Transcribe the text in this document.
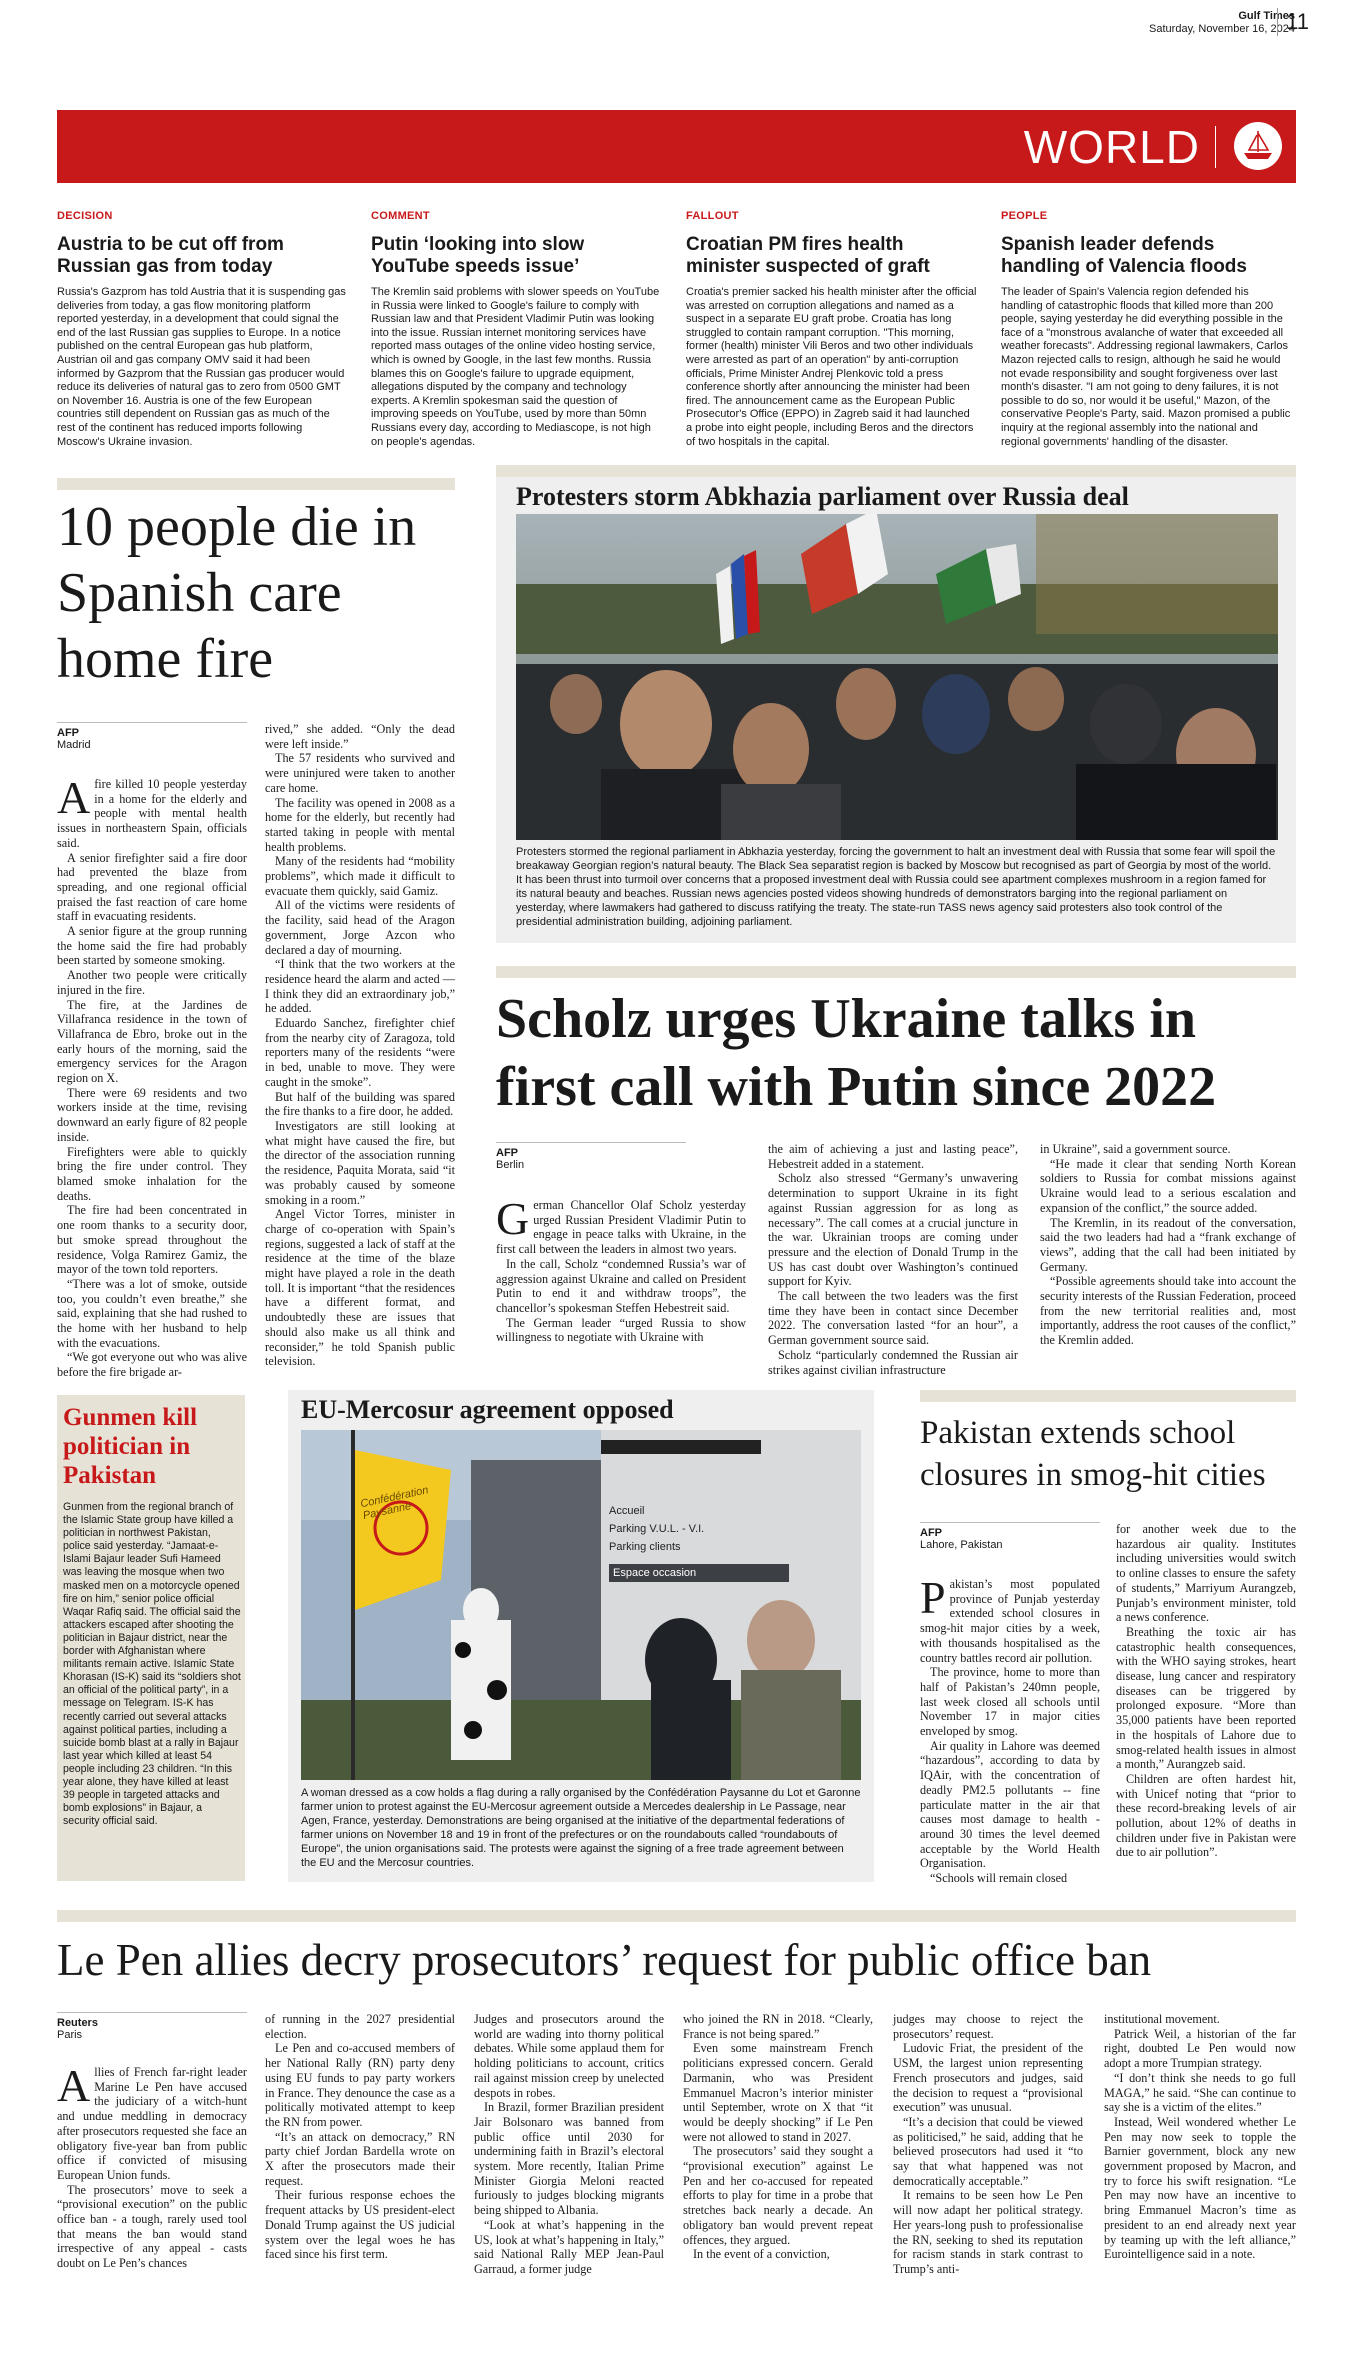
Gulf Times
Saturday, November 16, 2024
11
WORLD
DECISION
Austria to be cut off from Russian gas from today
Russia's Gazprom has told Austria that it is suspending gas deliveries from today, a gas flow monitoring platform reported yesterday, in a development that could signal the end of the last Russian gas supplies to Europe. In a notice published on the central European gas hub platform, Austrian oil and gas company OMV said it had been informed by Gazprom that the Russian gas producer would reduce its deliveries of natural gas to zero from 0500 GMT on November 16. Austria is one of the few European countries still dependent on Russian gas as much of the rest of the continent has reduced imports following Moscow's Ukraine invasion.
COMMENT
Putin ‘looking into slow YouTube speeds issue’
The Kremlin said problems with slower speeds on YouTube in Russia were linked to Google's failure to comply with Russian law and that President Vladimir Putin was looking into the issue. Russian internet monitoring services have reported mass outages of the online video hosting service, which is owned by Google, in the last few months. Russia blames this on Google's failure to upgrade equipment, allegations disputed by the company and technology experts. A Kremlin spokesman said the question of improving speeds on YouTube, used by more than 50mn Russians every day, according to Mediascope, is not high on people's agendas.
FALLOUT
Croatian PM fires health minister suspected of graft
Croatia's premier sacked his health minister after the official was arrested on corruption allegations and named as a suspect in a separate EU graft probe. Croatia has long struggled to contain rampant corruption. "This morning, former (health) minister Vili Beros and two other individuals were arrested as part of an operation" by anti-corruption officials, Prime Minister Andrej Plenkovic told a press conference shortly after announcing the minister had been fired. The announcement came as the European Public Prosecutor's Office (EPPO) in Zagreb said it had launched a probe into eight people, including Beros and the directors of two hospitals in the capital.
PEOPLE
Spanish leader defends handling of Valencia floods
The leader of Spain's Valencia region defended his handling of catastrophic floods that killed more than 200 people, saying yesterday he did everything possible in the face of a "monstrous avalanche of water that exceeded all weather forecasts". Addressing regional lawmakers, Carlos Mazon rejected calls to resign, although he said he would not evade responsibility and sought forgiveness over last month's disaster. "I am not going to deny failures, it is not possible to do so, nor would it be useful," Mazon, of the conservative People's Party, said. Mazon promised a public inquiry at the regional assembly into the national and regional governments' handling of the disaster.
10 people die in Spanish care home fire
AFP
Madrid

A fire killed 10 people yesterday in a home for the elderly and people with mental health issues in northeastern Spain, officials said.

A senior firefighter said a fire door had prevented the blaze from spreading, and one regional official praised the fast reaction of care home staff in evacuating residents.

A senior figure at the group running the home said the fire had probably been started by someone smoking.

Another two people were critically injured in the fire.

The fire, at the Jardines de Villafranca residence in the town of Villafranca de Ebro, broke out in the early hours of the morning, said the emergency services for the Aragon region on X.

There were 69 residents and two workers inside at the time, revising downward an early figure of 82 people inside.

Firefighters were able to quickly bring the fire under control. They blamed smoke inhalation for the deaths.

The fire had been concentrated in one room thanks to a security door, but smoke spread throughout the residence, Volga Ramirez Gamiz, the mayor of the town told reporters.

“There was a lot of smoke, outside too, you couldn’t even breathe,” she said, explaining that she had rushed to the home with her husband to help with the evacuations.

“We got everyone out who was alive before the fire brigade ar-

rived,” she added. “Only the dead were left inside.”

The 57 residents who survived and were uninjured were taken to another care home.

The facility was opened in 2008 as a home for the elderly, but recently had started taking in people with mental health problems.

Many of the residents had “mobility problems”, which made it difficult to evacuate them quickly, said Gamiz.

All of the victims were residents of the facility, said head of the Aragon government, Jorge Azcon who declared a day of mourning.

“I think that the two workers at the residence heard the alarm and acted — I think they did an extraordinary job,” he added.

Eduardo Sanchez, firefighter chief from the nearby city of Zaragoza, told reporters many of the residents “were in bed, unable to move. They were caught in the smoke”.

But half of the building was spared the fire thanks to a fire door, he added.

Investigators are still looking at what might have caused the fire, but the director of the association running the residence, Paquita Morata, said “it was probably caused by someone smoking in a room.”

Angel Victor Torres, minister in charge of co-operation with Spain’s regions, suggested a lack of staff at the residence at the time of the blaze might have played a role in the death toll. It is important “that the residences have a different format, and undoubtedly these are issues that should also make us all think and reconsider,” he told Spanish public television.

Protesters storm Abkhazia parliament over Russia deal
Protesters stormed the regional parliament in Abkhazia yesterday, forcing the government to halt an investment deal with Russia that some fear will spoil the breakaway Georgian region’s natural beauty. The Black Sea separatist region is backed by Moscow but recognised as part of Georgia by most of the world. It has been thrust into turmoil over concerns that a proposed investment deal with Russia could see apartment complexes mushroom in a region famed for its natural beauty and beaches. Russian news agencies posted videos showing hundreds of demonstrators barging into the regional parliament on yesterday, where lawmakers had gathered to discuss ratifying the treaty. The state-run TASS news agency said protesters also took control of the presidential administration building, adjoining parliament.
Scholz urges Ukraine talks in first call with Putin since 2022
AFP
Berlin

German Chancellor Olaf Scholz yesterday urged Russian President Vladimir Putin to engage in peace talks with Ukraine, in the first call between the leaders in almost two years.

In the call, Scholz “condemned Russia’s war of aggression against Ukraine and called on President Putin to end it and withdraw troops”, the chancellor’s spokesman Steffen Hebestreit said.

The German leader “urged Russia to show willingness to negotiate with Ukraine with

the aim of achieving a just and lasting peace”, Hebestreit added in a statement.

Scholz also stressed “Germany’s unwavering determination to support Ukraine in its fight against Russian aggression for as long as necessary”. The call comes at a crucial juncture in the war. Ukrainian troops are coming under pressure and the election of Donald Trump in the US has cast doubt over Washington’s continued support for Kyiv.

The call between the two leaders was the first time they have been in contact since December 2022. The conversation lasted “for an hour”, a German government source said.

Scholz “particularly condemned the Russian air strikes against civilian infrastructure

in Ukraine”, said a government source.

“He made it clear that sending North Korean soldiers to Russia for combat missions against Ukraine would lead to a serious escalation and expansion of the conflict,” the source added.

The Kremlin, in its readout of the conversation, said the two leaders had had a “frank exchange of views”, adding that the call had been initiated by Germany.

“Possible agreements should take into account the security interests of the Russian Federation, proceed from the new territorial realities and, most importantly, address the root causes of the conflict,” the Kremlin added.

Gunmen kill politician in Pakistan
Gunmen from the regional branch of the Islamic State group have killed a politician in northwest Pakistan, police said yesterday. “Jamaat-e-Islami Bajaur leader Sufi Hameed was leaving the mosque when two masked men on a motorcycle opened fire on him,” senior police official Waqar Rafiq said. The official said the attackers escaped after shooting the politician in Bajaur district, near the border with Afghanistan where militants remain active. Islamic State Khorasan (IS-K) said its “soldiers shot an official of the political party”, in a message on Telegram. IS-K has recently carried out several attacks against political parties, including a suicide bomb blast at a rally in Bajaur last year which killed at least 54 people including 23 children. “In this year alone, they have killed at least 39 people in targeted attacks and bomb explosions” in Bajaur, a security official said.
EU-Mercosur agreement opposed
Confédération Paysanne	Accueil
Parking V.U.L. - V.I.
Parking clients
Espace occasion
A woman dressed as a cow holds a flag during a rally organised by the Confédération Paysanne du Lot et Garonne farmer union to protest against the EU-Mercosur agreement outside a Mercedes dealership in Le Passage, near Agen, France, yesterday. Demonstrations are being organised at the initiative of the departmental federations of farmer unions on November 18 and 19 in front of the prefectures or on the roundabouts called “roundabouts of Europe”, the union organisations said. The protests were against the signing of a free trade agreement between the EU and the Mercosur countries.
Pakistan extends school closures in smog-hit cities
AFP
Lahore, Pakistan

Pakistan’s most populated province of Punjab yesterday extended school closures in smog-hit major cities by a week, with thousands hospitalised as the country battles record air pollution.

The province, home to more than half of Pakistan’s 240mn people, last week closed all schools until November 17 in major cities enveloped by smog.

Air quality in Lahore was deemed “hazardous”, according to data by IQAir, with the concentration of deadly PM2.5 pollutants -- fine particulate matter in the air that causes most damage to health - around 30 times the level deemed acceptable by the World Health Organisation.

“Schools will remain closed

for another week due to the hazardous air quality. Institutes including universities would switch to online classes to ensure the safety of students,” Marriyum Aurangzeb, Punjab’s environment minister, told a news conference.

Breathing the toxic air has catastrophic health consequences, with the WHO saying strokes, heart disease, lung cancer and respiratory diseases can be triggered by prolonged exposure. “More than 35,000 patients have been reported in the hospitals of Lahore due to smog-related health issues in almost a month,” Aurangzeb said.

Children are often hardest hit, with Unicef noting that “prior to these record-breaking levels of air pollution, about 12% of deaths in children under five in Pakistan were due to air pollution”.

Le Pen allies decry prosecutors’ request for public office ban
Reuters
Paris

Allies of French far-right leader Marine Le Pen have accused the judiciary of a witch-hunt and undue meddling in democracy after prosecutors requested she face an obligatory five-year ban from public office if convicted of misusing European Union funds.

The prosecutors’ move to seek a “provisional execution” on the public office ban - a tough, rarely used tool that means the ban would stand irrespective of any appeal - casts doubt on Le Pen’s chances

of running in the 2027 presidential election.

Le Pen and co-accused members of her National Rally (RN) party deny using EU funds to pay party workers in France. They denounce the case as a politically motivated attempt to keep the RN from power.

“It’s an attack on democracy,” RN party chief Jordan Bardella wrote on X after the prosecutors made their request.

Their furious response echoes the frequent attacks by US president-elect Donald Trump against the US judicial system over the legal woes he has faced since his first term.

Judges and prosecutors around the world are wading into thorny political debates. While some applaud them for holding politicians to account, critics rail against mission creep by unelected despots in robes.

In Brazil, former Brazilian president Jair Bolsonaro was banned from public office until 2030 for undermining faith in Brazil’s electoral system. More recently, Italian Prime Minister Giorgia Meloni reacted furiously to judges blocking migrants being shipped to Albania.

“Look at what’s happening in the US, look at what’s happening in Italy,” said National Rally MEP Jean-Paul Garraud, a former judge

who joined the RN in 2018. “Clearly, France is not being spared.”

Even some mainstream French politicians expressed concern. Gerald Darmanin, who was President Emmanuel Macron’s interior minister until September, wrote on X that “it would be deeply shocking” if Le Pen were not allowed to stand in 2027.

The prosecutors’ said they sought a “provisional execution” against Le Pen and her co-accused for repeated efforts to play for time in a probe that stretches back nearly a decade. An obligatory ban would prevent repeat offences, they argued.

In the event of a conviction,

judges may choose to reject the prosecutors’ request.

Ludovic Friat, the president of the USM, the largest union representing French prosecutors and judges, said the decision to request a “provisional execution” was unusual.

“It’s a decision that could be viewed as politicised,” he said, adding that he believed prosecutors had used it “to say that what happened was not democratically acceptable.”

It remains to be seen how Le Pen will now adapt her political strategy. Her years-long push to professionalise the RN, seeking to shed its reputation for racism stands in stark contrast to Trump’s anti-

institutional movement.

Patrick Weil, a historian of the far right, doubted Le Pen would now adopt a more Trumpian strategy.

“I don’t think she needs to go full MAGA,” he said. “She can continue to say she is a victim of the elites.”

Instead, Weil wondered whether Le Pen may now seek to topple the Barnier government, block any new government proposed by Macron, and try to force his swift resignation. “Le Pen may now have an incentive to bring Emmanuel Macron’s time as president to an end already next year by teaming up with the left alliance,” Eurointelligence said in a note.
